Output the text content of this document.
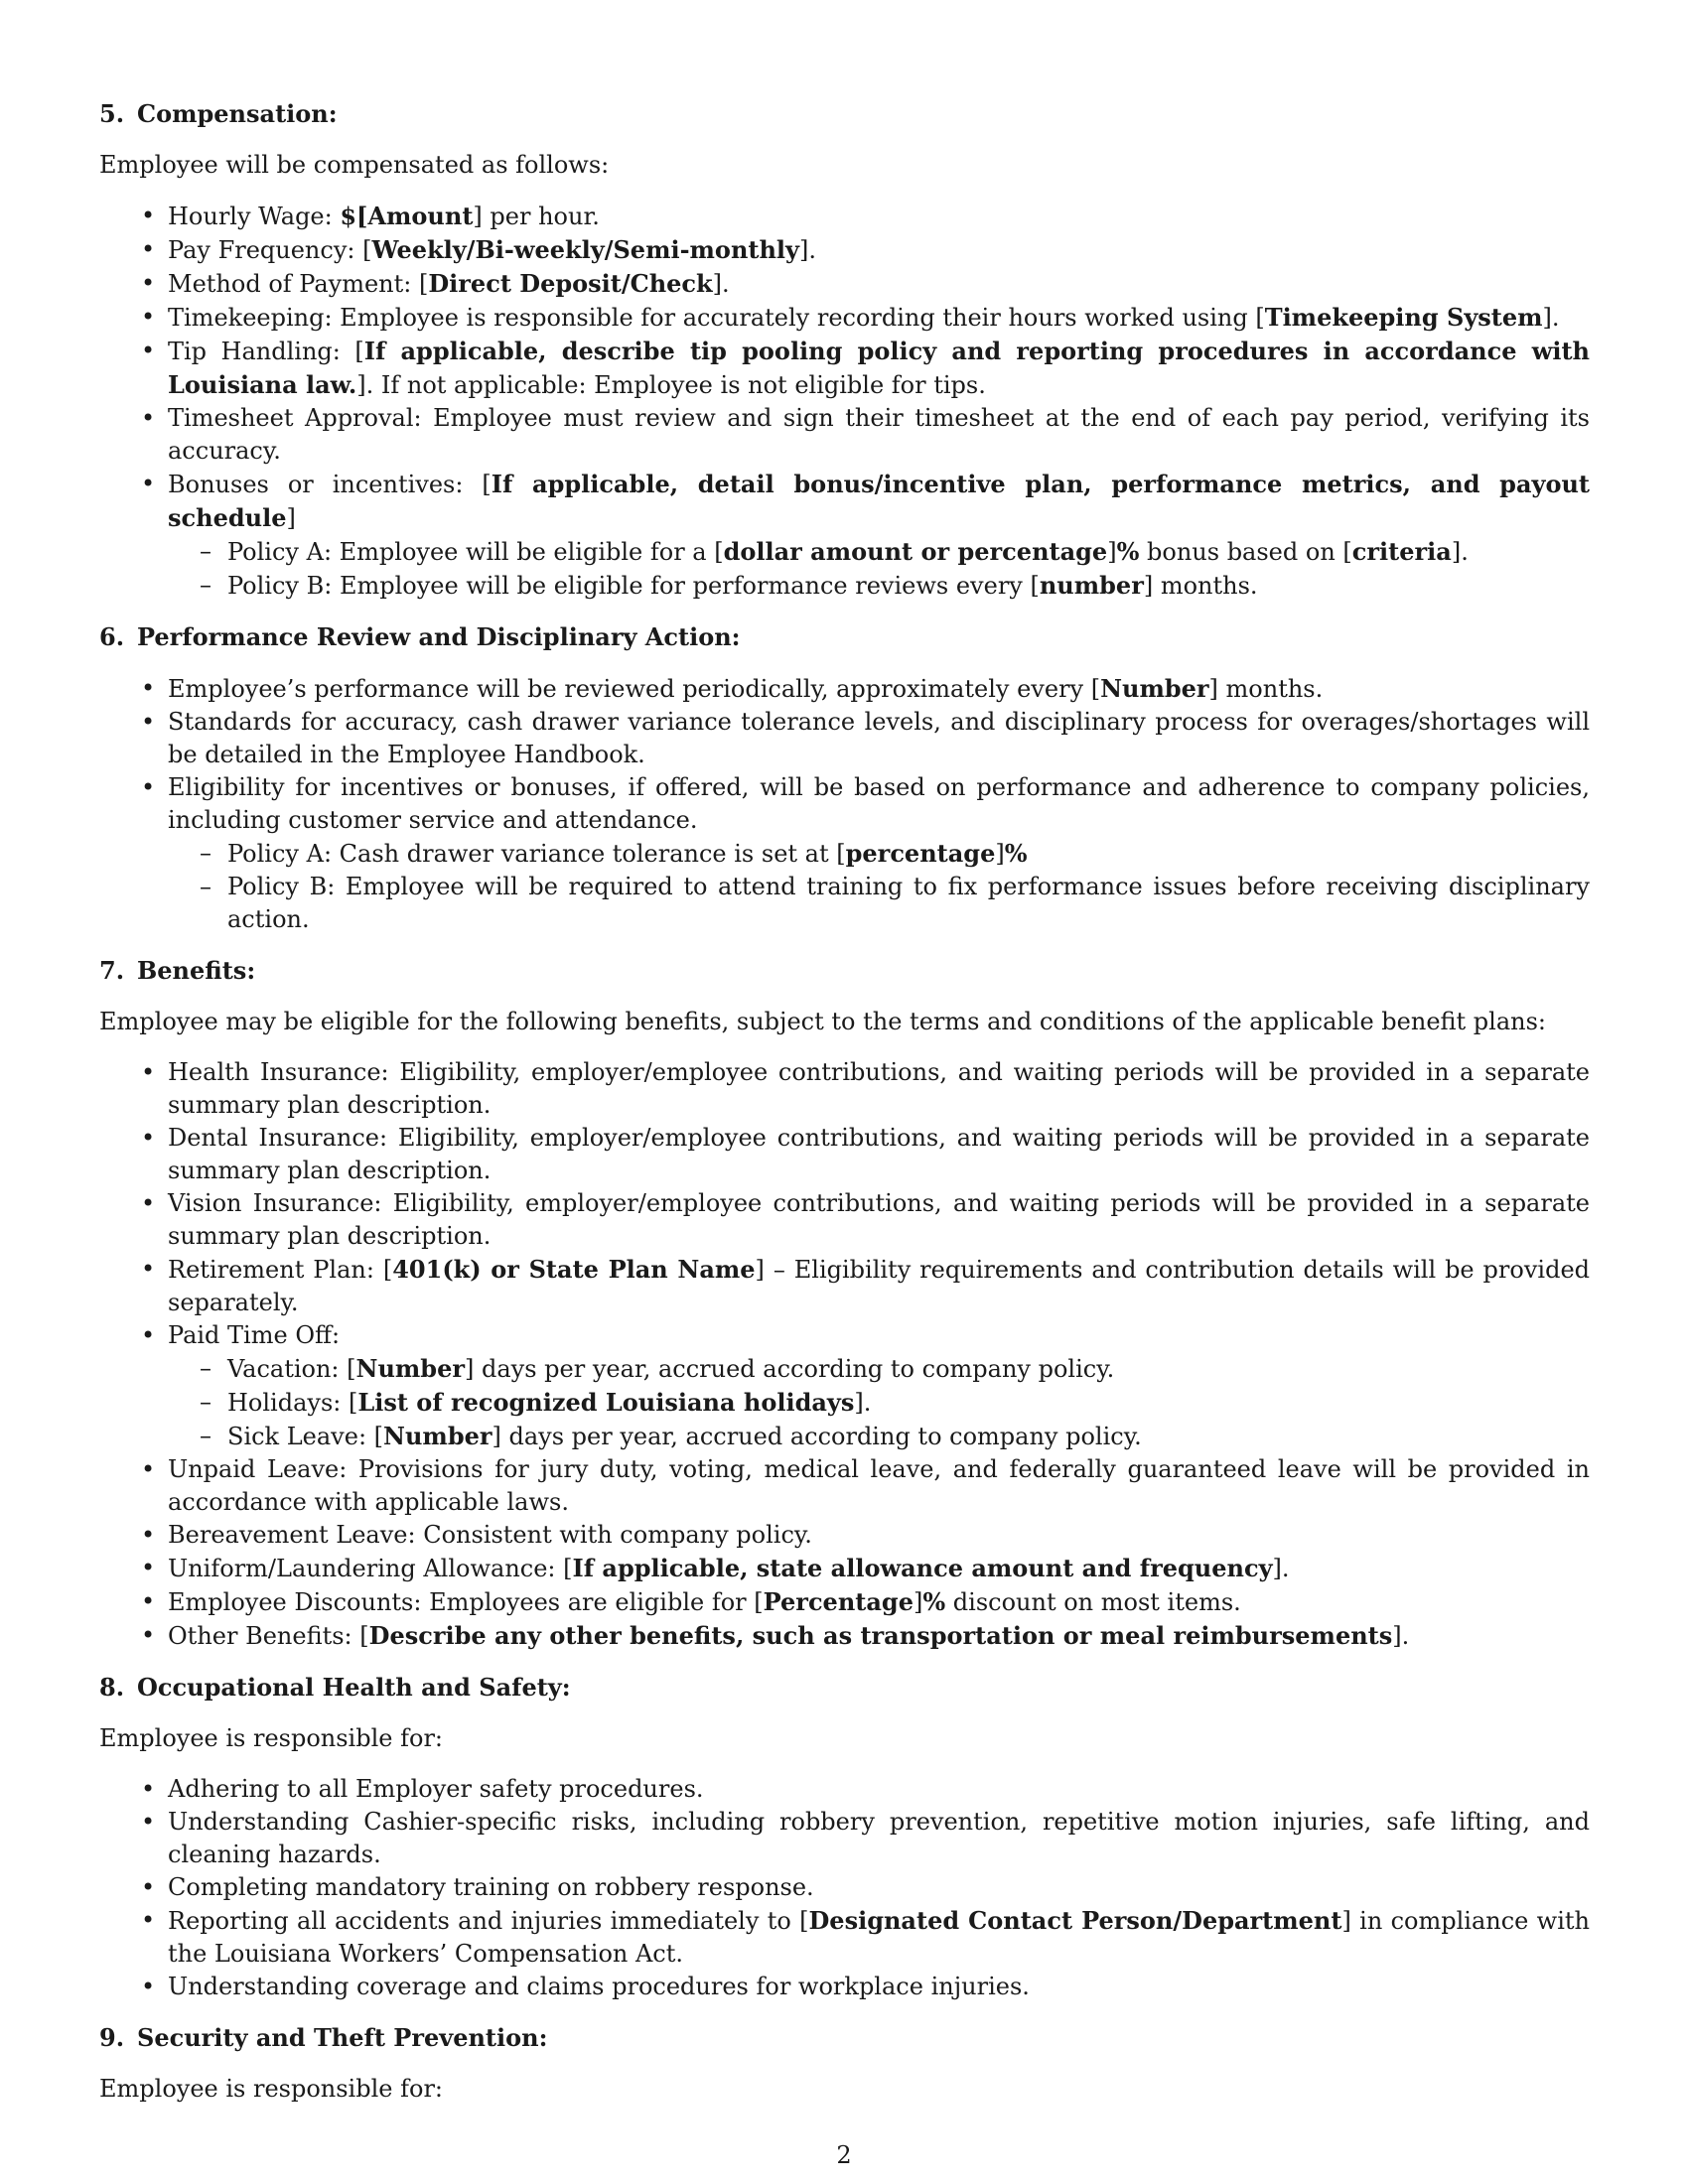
5. Compensation:

Employee will be compensated as follows:

• Hourly Wage: $[Amount] per hour.
• Pay Frequency: [Weekly/Bi-weekly/Semi-monthly].
• Method of Payment: [Direct Deposit/Check].
• Timekeeping: Employee is responsible for accurately recording their hours worked using [Timekeeping System].
• Tip Handling: [If applicable, describe tip pooling policy and reporting procedures in accordance with Louisiana law.]. If not applicable: Employee is not eligible for tips.
• Timesheet Approval: Employee must review and sign their timesheet at the end of each pay period, verifying its accuracy.
• Bonuses or incentives: [If applicable, detail bonus/incentive plan, performance metrics, and payout schedule]
– Policy A: Employee will be eligible for a [dollar amount or percentage]% bonus based on [criteria].
– Policy B: Employee will be eligible for performance reviews every [number] months.
6. Performance Review and Disciplinary Action:
• Employee’s performance will be reviewed periodically, approximately every [Number] months.
• Standards for accuracy, cash drawer variance tolerance levels, and disciplinary process for overages/shortages will be detailed in the Employee Handbook.
• Eligibility for incentives or bonuses, if offered, will be based on performance and adherence to company policies, including customer service and attendance.
– Policy A: Cash drawer variance tolerance is set at [percentage]%
– Policy B: Employee will be required to attend training to fix performance issues before receiving disciplinary action.
7. Benefits:

Employee may be eligible for the following benefits, subject to the terms and conditions of the applicable benefit plans:

• Health Insurance: Eligibility, employer/employee contributions, and waiting periods will be provided in a separate summary plan description.
• Dental Insurance: Eligibility, employer/employee contributions, and waiting periods will be provided in a separate summary plan description.
• Vision Insurance: Eligibility, employer/employee contributions, and waiting periods will be provided in a separate summary plan description.
• Retirement Plan: [401(k) or State Plan Name] – Eligibility requirements and contribution details will be provided separately.
• Paid Time Off:
– Vacation: [Number] days per year, accrued according to company policy.
– Holidays: [List of recognized Louisiana holidays].
– Sick Leave: [Number] days per year, accrued according to company policy.
• Unpaid Leave: Provisions for jury duty, voting, medical leave, and federally guaranteed leave will be provided in accordance with applicable laws.
• Bereavement Leave: Consistent with company policy.
• Uniform/Laundering Allowance: [If applicable, state allowance amount and frequency].
• Employee Discounts: Employees are eligible for [Percentage]% discount on most items.
• Other Benefits: [Describe any other benefits, such as transportation or meal reimbursements].
8. Occupational Health and Safety:

Employee is responsible for:

• Adhering to all Employer safety procedures.
• Understanding Cashier-specific risks, including robbery prevention, repetitive motion injuries, safe lifting, and cleaning hazards.
• Completing mandatory training on robbery response.
• Reporting all accidents and injuries immediately to [Designated Contact Person/Department] in compliance with the Louisiana Workers’ Compensation Act.
• Understanding coverage and claims procedures for workplace injuries.
9. Security and Theft Prevention:

Employee is responsible for:

2
